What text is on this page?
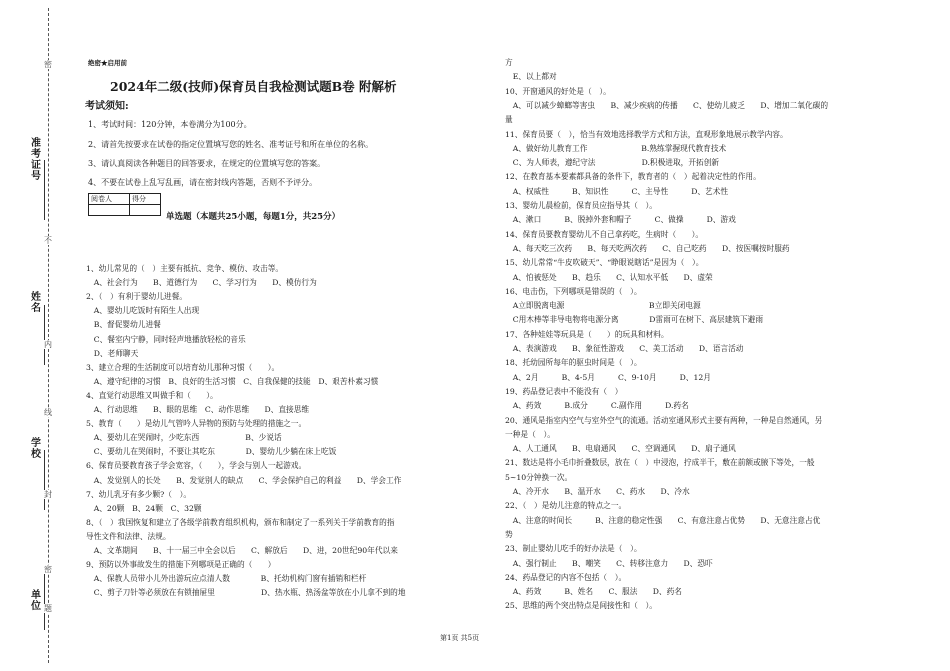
准考证号
姓名
学校
单位
密
不
内
线
封
密
题
绝密★启用前
2024年二级(技师)保育员自我检测试题B卷 附解析
考试须知:
1、考试时间：120分钟，本卷满分为100分。
2、请首先按要求在试卷的指定位置填写您的姓名、准考证号和所在单位的名称。
3、请认真阅读各种题目的回答要求，在规定的位置填写您的答案。
4、不要在试卷上乱写乱画，请在密封线内答题，否则不予评分。
阅卷人	得分

单选题（本题共25小题，每题1分，共25分）
1、幼儿常见的（　）主要有抵抗、竞争、模仿、攻击等。
　A、社会行为　　B、道德行为　　C、学习行为　　D、模仿行为
2、（　）有利于婴幼儿进餐。
　A、婴幼儿吃饭时有陌生人出现
　B、督促婴幼儿进餐
　C、餐室内宁静，同时轻声地播放轻松的音乐
　D、老师聊天
3、建立合理的生活制度可以培育幼儿那种习惯（　　）。
　A、遵守纪律的习惯　B、良好的生活习惯　C、自我保健的技能　D、艰苦朴素习惯
4、直觉行动思维又叫做手和（　　）。
　A、行动思维　　B、眼的思维　C、动作思维　　D、直接思维
5、教育（　　）是幼儿气管吟人异物的预防与处理的措施之一。
　A、要幼儿在哭闹时，少吃东西　　　　　　B、少说话
　C、要幼儿在哭闹时，不要让其吃东　　　　D、婴幼儿少躺在床上吃饭
6、保育员要教育孩子学会宽容，（　　），学会与别人一起游戏。
　A、发觉别人的长处　　B、发觉别人的缺点　　C、学会保护自己的利益　　D、学会工作
7、幼儿乳牙有多少颗?（　）。
　A、20颗　B、24颗　C、32颗
8、（　）我国恢复和建立了各级学前教育组织机构，颁布和制定了一系列关于学前教育的指
导性文件和法律、法规。
　A、文革期间　　B、十一届三中全会以后　　C、解放后　　D、进，20世纪90年代以来
9、预防以外事故发生的措施下列哪项是正确的（　　）
　A、保教人员带小儿外出游玩应点清人数　　　　B、托幼机构门窗有插销和栏杆
　C、剪子刀针等必须放在有锁抽屉里　　　　　　D、热水瓶、热汤盆等放在小儿拿不到的地
方
　E、以上都对
10、开窗通风的好处是（　）。
　A、可以减少蟑螂等害虫　　B、减少疾病的传播　　C、使幼儿疲乏　　D、增加二氧化碳的
量
11、保育员要（　），恰当有效地选择教学方式和方法，直观形象地展示教学内容。
　A、做好幼儿教育工作　　　　　　　B.熟练掌握现代教育技术
　C、为人师表，遵纪守法　　　　　　D.积极进取，开拓创新
12、在教育基本要素都具备的条件下，教育者的（　）起着决定性的作用。
　A、权威性　　　B、知识性　　　C、主导性　　　D、艺术性
13、婴幼儿晨检前，保育员应指导其（　）。
　A、漱口　　　B、脱掉外套和帽子　　　C、做操　　　D、游戏
14、保育员要教育婴幼儿不自己拿药吃，生病时（　　）。
　A、每天吃三次药　　B、每天吃两次药　　C、自己吃药　　D、按医嘱按时服药
15、幼儿常常“牛皮吹破天”、“睁眼说瞎话”是因为（　）。
　A、怕被惩处　　B、趋乐　　C、认知水平低　　D、虚荣
16、电击伤，下列哪项是错误的（　）。
　A立即脱离电源　　　　　　　　　　　B立即关闭电源
　C用木棒等非导电物将电源分离　　　　D雷雨可在树下、高层建筑下避雨
17、各种娃娃等玩具是（　　）的玩具和材料。
　A、表演游戏　　B、象征性游戏　　C、美工活动　　D、语言活动
18、托幼园所每年的驱虫时间是（　）。
　A、2月　　　B、4-5月　　　C、9-10月　　　D、12月
19、药品登记表中不能没有（　）
　A、药效　　　B.成分　　　C.副作用　　　D.药名
20、通风是指室内空气与室外空气的流通。活动室通风形式主要有两种，一种是自然通风，另
一种是（　）。
　A、人工通风　　B、电扇通风　　C、空调通风　　D、扇子通风
21、数达是将小毛巾折叠数层，放在（　）中浸泡，拧成半干，敷在前额或腋下等处，一般
5~10分钟换一次。
　A、冷开水　　B、温开水　　C、药水　　D、冷水
22、（　）是幼儿注意的特点之一。
　A、注意的时间长　　　B、注意的稳定性强　　C、有意注意占优势　　D、无意注意占优
势
23、制止婴幼儿吃手的好办法是（　）。
　A、强行制止　　B、嘲笑　　C、转移注意力　　D、恐吓
24、药品登记的内容不包括（　）。
　A、药效　　　B、姓名　　C、服法　　D、药名
25、思维的两个突出特点是间接性和（　）。
第1页 共5页
